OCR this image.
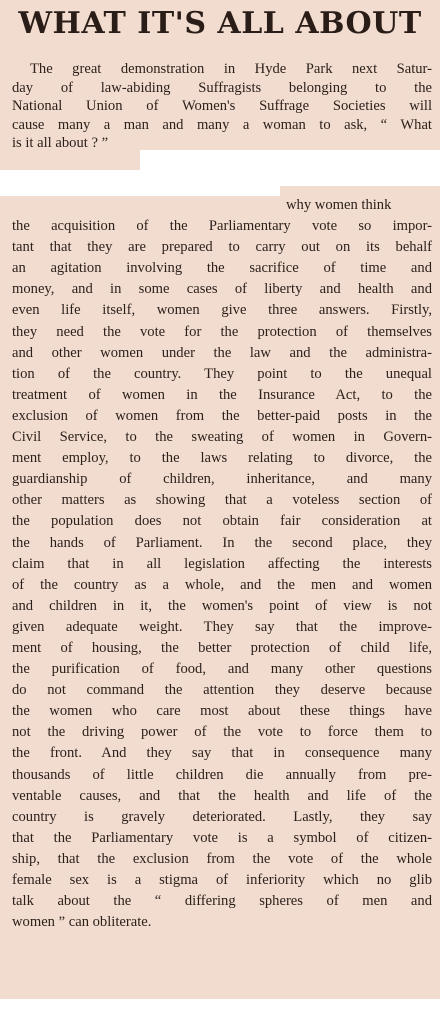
WHAT IT'S ALL ABOUT
The great demonstration in Hyde Park next Satur-
day of law-abiding Suffragists belonging to the
National Union of Women's Suffrage Societies will
cause many a man and many a woman to ask, “ What
is it all about ? ”
why women think
the acquisition of the Parliamentary vote so impor-
tant that they are prepared to carry out on its behalf
an agitation involving the sacrifice of time and
money, and in some cases of liberty and health and
even life itself, women give three answers. Firstly,
they need the vote for the protection of themselves
and other women under the law and the administra-
tion of the country. They point to the unequal
treatment of women in the Insurance Act, to the
exclusion of women from the better-paid posts in the
Civil Service, to the sweating of women in Govern-
ment employ, to the laws relating to divorce, the
guardianship of children, inheritance, and many
other matters as showing that a voteless section of
the population does not obtain fair consideration at
the hands of Parliament. In the second place, they
claim that in all legislation affecting the interests
of the country as a whole, and the men and women
and children in it, the women's point of view is not
given adequate weight. They say that the improve-
ment of housing, the better protection of child life,
the purification of food, and many other questions
do not command the attention they deserve because
the women who care most about these things have
not the driving power of the vote to force them to
the front. And they say that in consequence many
thousands of little children die annually from pre-
ventable causes, and that the health and life of the
country is gravely deteriorated. Lastly, they say
that the Parliamentary vote is a symbol of citizen-
ship, that the exclusion from the vote of the whole
female sex is a stigma of inferiority which no glib
talk about the “ differing spheres of men and
women ” can obliterate.
